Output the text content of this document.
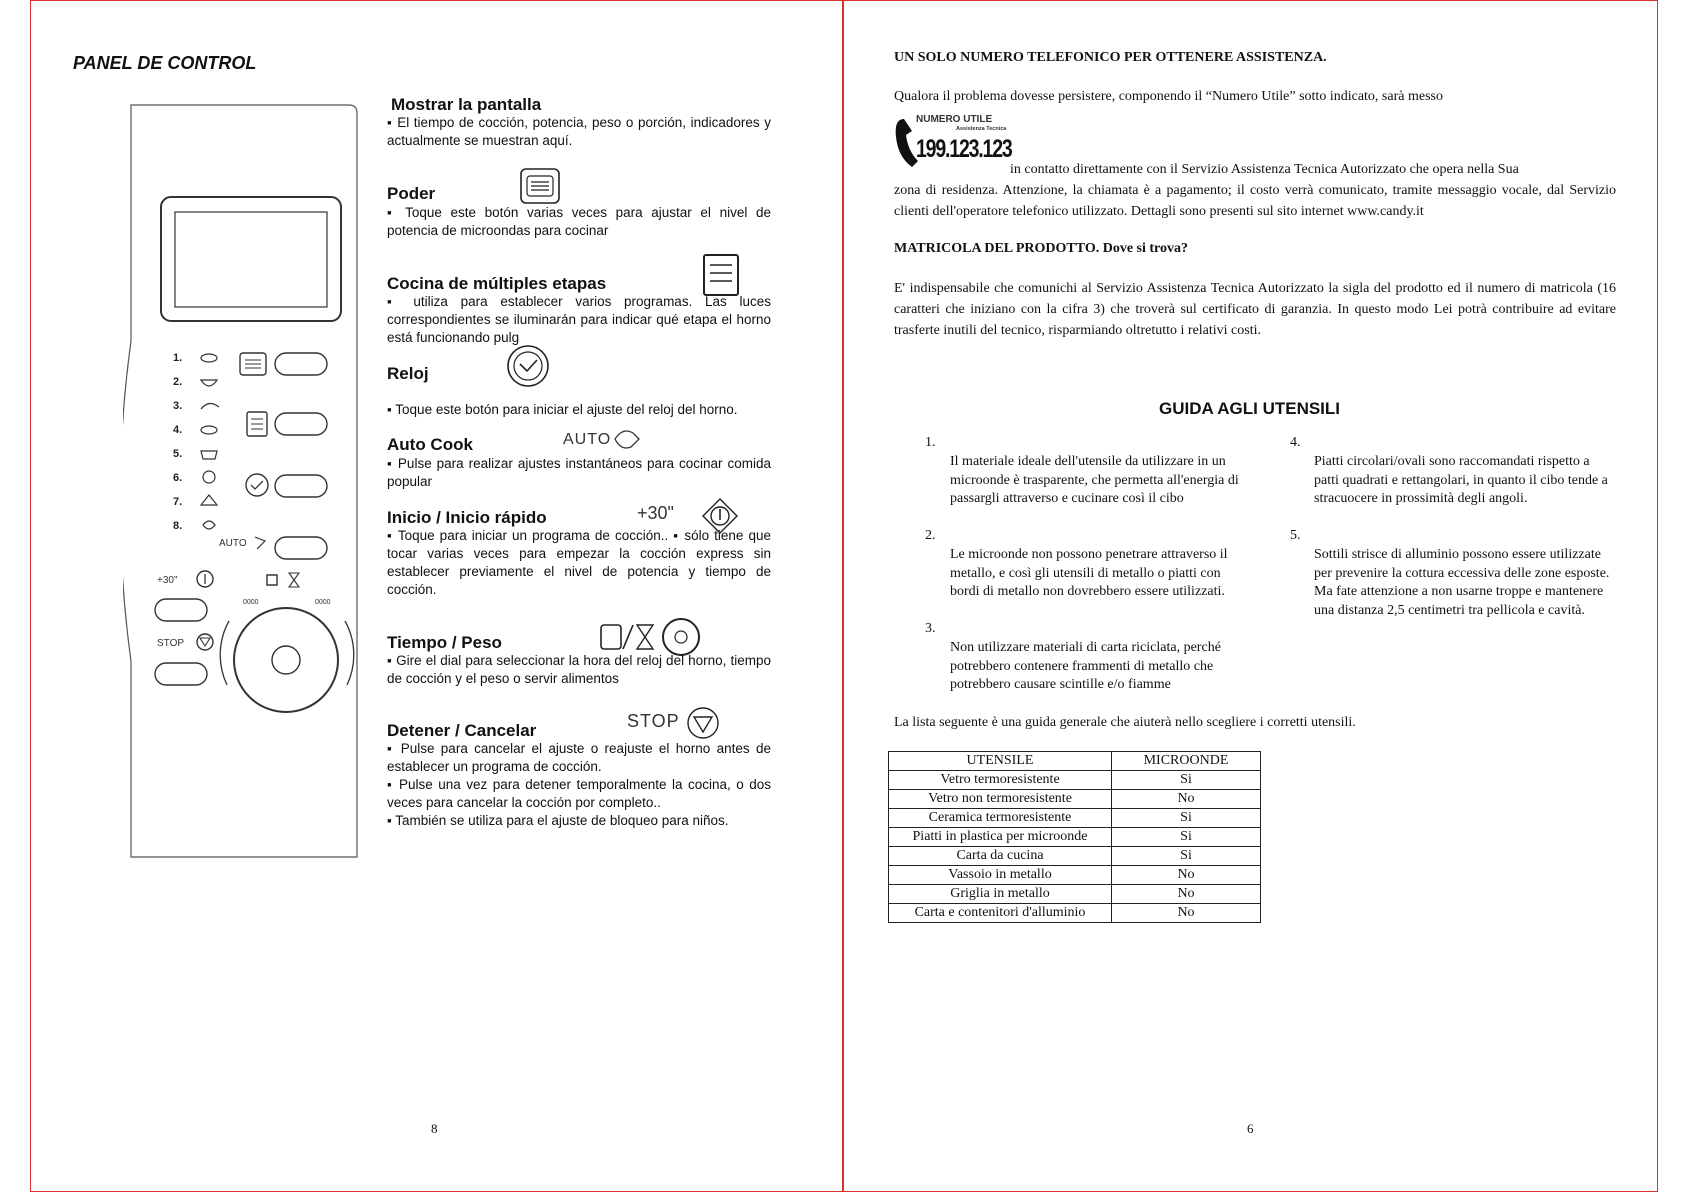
PANEL DE CONTROL
1.
2.
3.
4.
5.
6.
7.
8.
AUTO
+30"
STOP
0000	0000
Mostrar la pantalla
▪ El tiempo de cocción, potencia, peso o porción, indicadores y actualmente se muestran aquí.
Poder
▪ Toque este botón varias veces para ajustar el nivel de potencia de microondas para cocinar
Cocina de múltiples etapas
▪ utiliza para establecer varios programas. Las luces correspondientes se iluminarán para indicar qué etapa el horno está funcionando pulg
Reloj
▪ Toque este botón para iniciar el ajuste del reloj del horno.
Auto Cook	AUTO
▪ Pulse para realizar ajustes instantáneos para cocinar comida popular
Inicio / Inicio rápido	+30"
▪ Toque para iniciar un programa de cocción.. ▪ sólo tiene que tocar varias veces para empezar la cocción express sin establecer previamente el nivel de potencia y tiempo de cocción.
Tiempo / Peso
▪ Gire el dial para seleccionar la hora del reloj del horno, tiempo de cocción y el peso o servir alimentos
Detener / Cancelar	STOP
▪ Pulse para cancelar el ajuste o reajuste el horno antes de establecer un programa de cocción.
▪ Pulse una vez para detener temporalmente la cocina, o dos veces para cancelar la cocción por completo..
▪ También se utiliza para el ajuste de bloqueo para niños.
8
UN SOLO NUMERO TELEFONICO PER OTTENERE ASSISTENZA.
Qualora il problema dovesse persistere, componendo il “Numero Utile” sotto indicato, sarà messo
NUMERO UTILE
Assistenza Tecnica
199.123.123
in contatto direttamente con il Servizio Assistenza Tecnica Autorizzato che opera nella Sua
zona di residenza. Attenzione, la chiamata è a pagamento; il costo verrà comunicato, tramite messaggio vocale, dal Servizio clienti dell'operatore telefonico utilizzato. Dettagli sono presenti sul sito internet www.candy.it
MATRICOLA DEL PRODOTTO. Dove si trova?
E' indispensabile che comunichi al Servizio Assistenza Tecnica Autorizzato la sigla del prodotto ed il numero di matricola (16 caratteri che iniziano con la cifra 3) che troverà sul certificato di garanzia. In questo modo Lei potrà contribuire ad evitare trasferte inutili del tecnico, risparmiando oltretutto i relativi costi.
GUIDA AGLI UTENSILI
1.
Il materiale ideale dell'utensile da utilizzare in un microonde è trasparente, che permetta all'energia di passargli attraverso e cucinare così il cibo
2.
Le microonde non possono penetrare attraverso il metallo, e così gli utensili di metallo o piatti con bordi di metallo non dovrebbero essere utilizzati.
3.
Non utilizzare materiali di carta riciclata, perché potrebbero contenere frammenti di metallo che potrebbero causare scintille e/o fiamme
4.
Piatti circolari/ovali sono raccomandati rispetto a patti quadrati e rettangolari, in quanto il cibo tende a stracuocere in prossimità degli angoli.
5.
Sottili strisce di alluminio possono essere utilizzate per prevenire la cottura eccessiva delle zone esposte. Ma fate attenzione a non usarne troppe e mantenere una distanza 2,5 centimetri tra pellicola e cavità.
La lista seguente è una guida generale che aiuterà nello scegliere i corretti utensili.
UTENSILE	MICROONDE
Vetro termoresistente	Si
Vetro non termoresistente	No
Ceramica termoresistente	Si
Piatti in plastica per microonde	Si
Carta da cucina	Si
Vassoio in metallo	No
Griglia in metallo	No
Carta e contenitori d'alluminio	No
6
